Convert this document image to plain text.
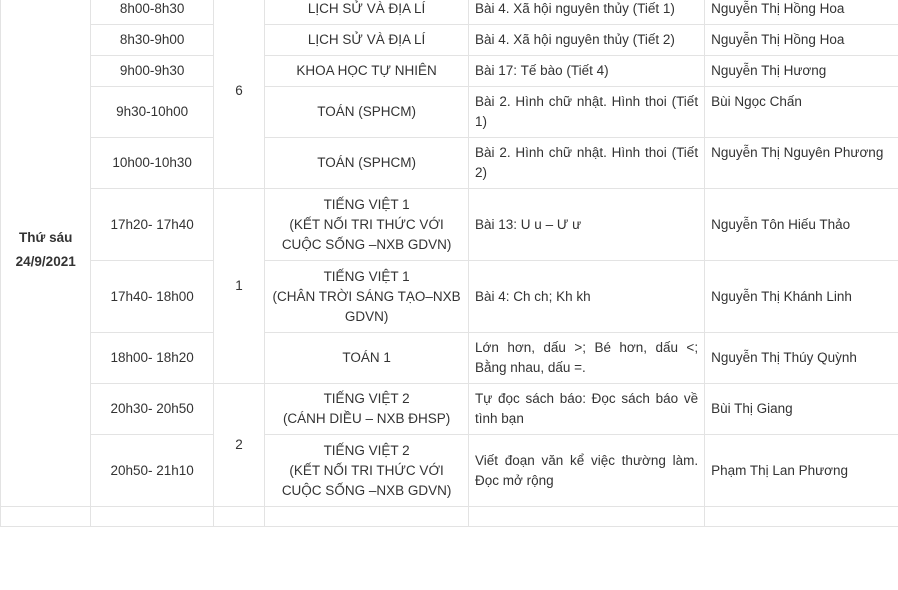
Thứ sáu
24/9/2021	8h00-8h30	6	LỊCH SỬ VÀ ĐỊA LÍ	Bài 4. Xã hội nguyên thủy (Tiết 1)	Nguyễn Thị Hồng Hoa
	8h30-9h00		LỊCH SỬ VÀ ĐỊA LÍ	Bài 4. Xã hội nguyên thủy (Tiết 2)	Nguyễn Thị Hồng Hoa
	9h00-9h30		KHOA HỌC TỰ NHIÊN	Bài 17: Tế bào (Tiết 4)	Nguyễn Thị Hương
	9h30-10h00		TOÁN (SPHCM)	Bài 2. Hình chữ nhật. Hình thoi (Tiết 1)	Bùi Ngọc Chấn
	10h00-10h30		TOÁN (SPHCM)	Bài 2. Hình chữ nhật. Hình thoi (Tiết 2)	Nguyễn Thị Nguyên Phương
	17h20- 17h40	1	TIẾNG VIỆT 1
(KẾT NỐI TRI THỨC VỚI CUỘC SỐNG –NXB GDVN)	Bài 13: U u – Ư ư	Nguyễn Tôn Hiếu Thảo
	17h40- 18h00		TIẾNG VIỆT 1
(CHÂN TRỜI SÁNG TẠO–NXB GDVN)	Bài 4: Ch ch; Kh kh	Nguyễn Thị Khánh Linh
	18h00- 18h20		TOÁN 1	Lớn hơn, dấu >; Bé hơn, dấu <; Bằng nhau, dấu =.	Nguyễn Thị Thúy Quỳnh
	20h30- 20h50	2	TIẾNG VIỆT 2
(CÁNH DIỀU – NXB ĐHSP)	Tự đọc sách báo: Đọc sách báo về tình bạn	Bùi Thị Giang
	20h50- 21h10		TIẾNG VIỆT 2
(KẾT NỐI TRI THỨC VỚI CUỘC SỐNG –NXB GDVN)	Viết đoạn văn kể việc thường làm. Đọc mở rộng	Phạm Thị Lan Phương
